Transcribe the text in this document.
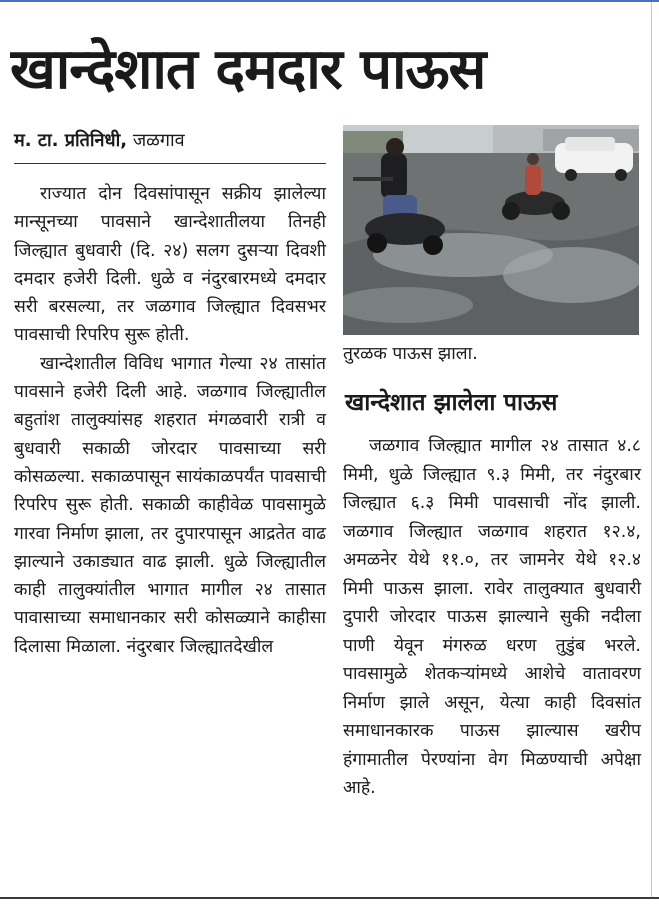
खान्देशात दमदार पाऊस
म. टा. प्रतिनिधी, जळगाव

राज्यात दोन दिवसांपासून सक्रीय झालेल्या मान्सूनच्या पावसाने खान्देशातीलया तिनही जिल्ह्यात बुधवारी (दि. २४) सलग दुसऱ्या दिवशी दमदार हजेरी दिली. धुळे व नंदुरबारमध्ये दमदार सरी बरसल्या, तर जळगाव जिल्ह्यात दिवसभर पावसाची रिपरिप सुरू होती.

खान्देशातील विविध भागात गेल्या २४ तासांत पावसाने हजेरी दिली आहे. जळगाव जिल्ह्यातील बहुतांश तालुक्यांसह शहरात मंगळवारी रात्री व बुधवारी सकाळी जोरदार पावसाच्या सरी कोसळल्या. सकाळपासून सायंकाळपर्यंत पावसाची रिपरिप सुरू होती. सकाळी काहीवेळ पावसामुळे गारवा निर्माण झाला, तर दुपारपासून आद्रतेत वाढ झाल्याने उकाड्यात वाढ झाली. धुळे जिल्ह्यातील काही तालुक्यांतील भागात मागील २४ तासात पावासाच्या समाधानकार सरी कोसळ्याने काहीसा दिलासा मिळाला. नंदुरबार जिल्ह्यातदेखील

तुरळक पाऊस झाला.
खान्देशात झालेला पाऊस

जळगाव जिल्ह्यात मागील २४ तासात ४.८ मिमी, धुळे जिल्ह्यात ९.३ मिमी, तर नंदुरबार जिल्ह्यात ६.३ मिमी पावसाची नोंद झाली. जळगाव जिल्ह्यात जळगाव शहरात १२.४, अमळनेर येथे ११.०, तर जामनेर येथे १२.४ मिमी पाऊस झाला. रावेर तालुक्यात बुधवारी दुपारी जोरदार पाऊस झाल्याने सुकी नदीला पाणी येवून मंगरुळ धरण तुडुंब भरले. पावसामुळे शेतकऱ्यांमध्ये आशेचे वातावरण निर्माण झाले असून, येत्या काही दिवसांत समाधानकारक पाऊस झाल्यास खरीप हंगामातील पेरण्यांना वेग मिळण्याची अपेक्षा आहे.
